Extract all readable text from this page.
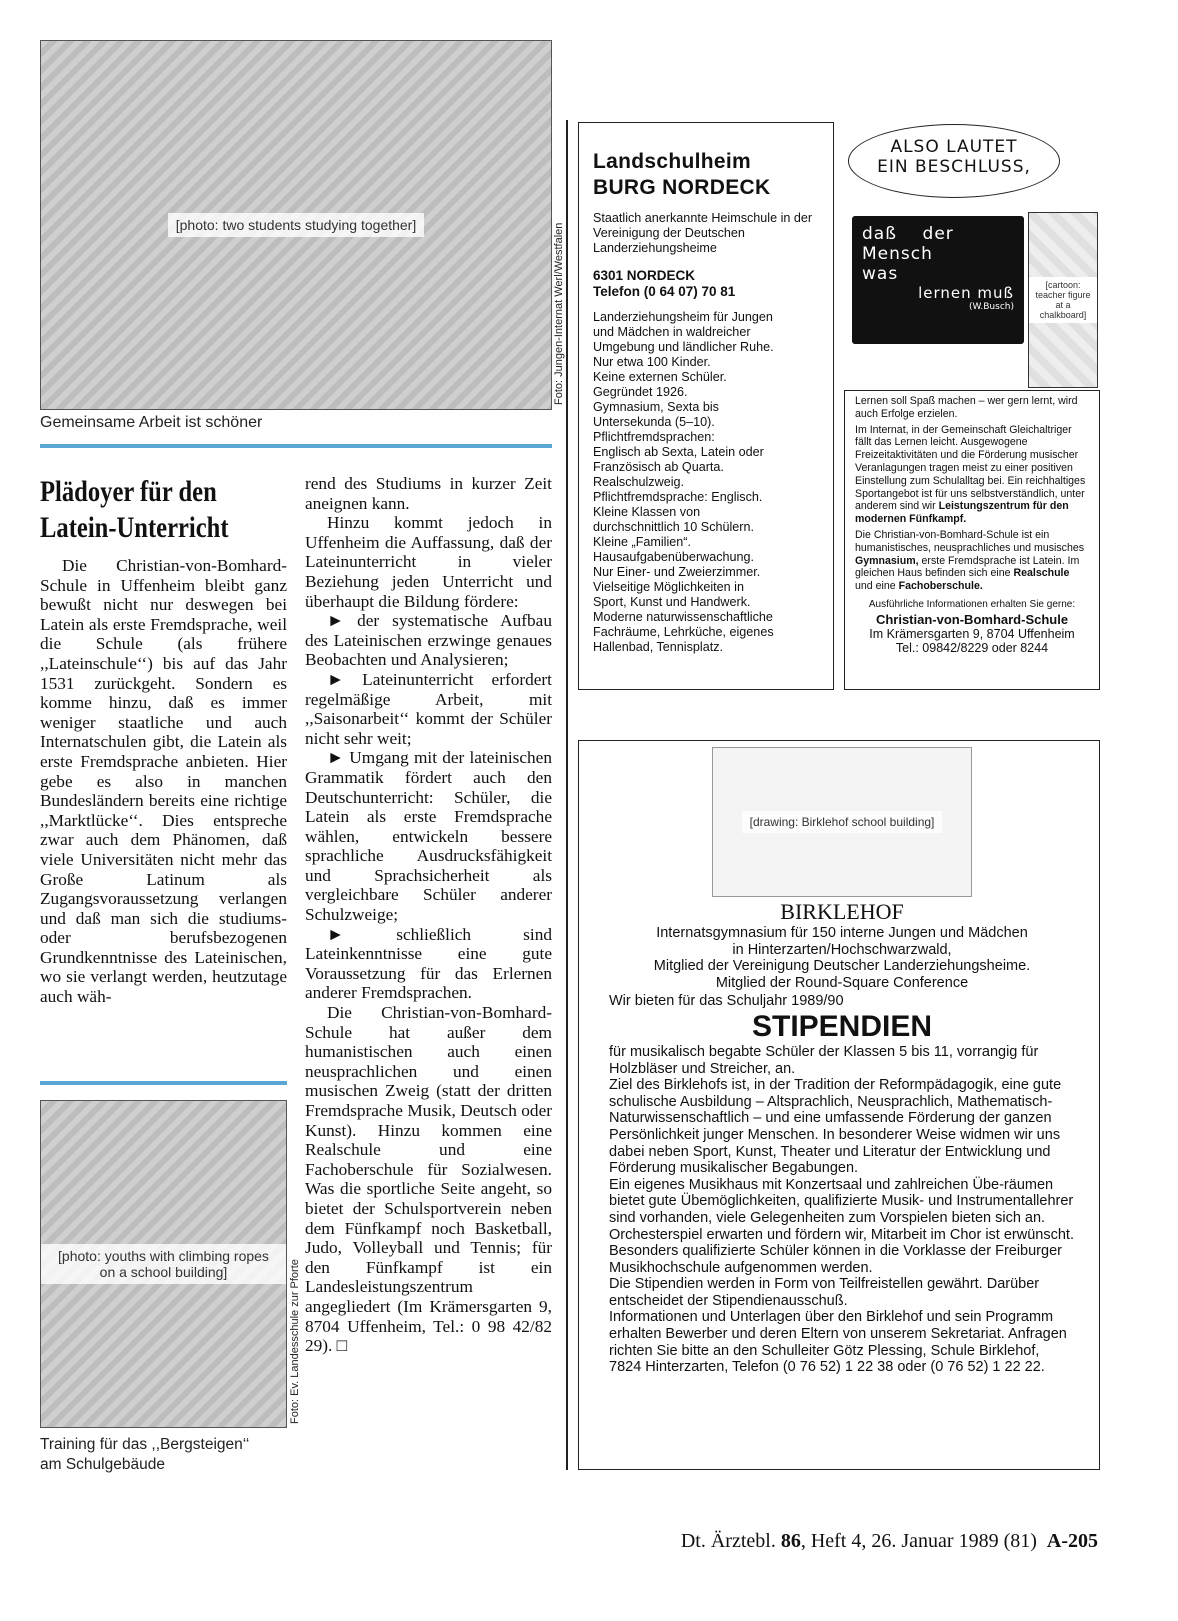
[photo: two students studying together]	Foto: Jungen-Internat Werl/Westfalen
Gemeinsame Arbeit ist schöner
Plädoyer für den
Latein-Unterricht

Die Christian-von-Bomhard-Schule in Uffenheim bleibt ganz bewußt nicht nur deswegen bei Latein als erste Fremdsprache, weil die Schule (als frühere ,,Lateinschule‘‘) bis auf das Jahr 1531 zurückgeht. Sondern es komme hinzu, daß es immer weniger staatliche und auch Internatschulen gibt, die Latein als erste Fremdsprache anbieten. Hier gebe es also in manchen Bundesländern bereits eine richtige ,,Marktlücke‘‘. Dies entspreche zwar auch dem Phänomen, daß viele Universitäten nicht mehr das Große Latinum als Zugangsvoraussetzung verlangen und daß man sich die studiums- oder berufsbezogenen Grundkenntnisse des Lateinischen, wo sie verlangt werden, heutzutage auch wäh-

[photo: youths with climbing ropes on a school building]	Foto: Ev. Landesschule zur Pforte
Training für das ,,Bergsteigen‘‘
am Schulgebäude

rend des Studiums in kurzer Zeit aneignen kann.

Hinzu kommt jedoch in Uffenheim die Auffassung, daß der Lateinunterricht in vieler Beziehung jeden Unterricht und überhaupt die Bildung fördere:

► der systematische Aufbau des Lateinischen erzwinge genaues Beobachten und Analysieren;

► Lateinunterricht erfordert regelmäßige Arbeit, mit ,,Saisonarbeit‘‘ kommt der Schüler nicht sehr weit;

► Umgang mit der lateinischen Grammatik fördert auch den Deutschunterricht: Schüler, die Latein als erste Fremdsprache wählen, entwickeln bessere sprachliche Ausdrucksfähigkeit und Sprachsicherheit als vergleichbare Schüler anderer Schulzweige;

► schließlich sind Lateinkenntnisse eine gute Voraussetzung für das Erlernen anderer Fremdsprachen.

Die Christian-von-Bomhard-Schule hat außer dem humanistischen auch einen neusprachlichen und einen musischen Zweig (statt der dritten Fremdsprache Musik, Deutsch oder Kunst). Hinzu kommen eine Realschule und eine Fachoberschule für Sozialwesen. Was die sportliche Seite angeht, so bietet der Schulsportverein neben dem Fünfkampf noch Basketball, Judo, Volleyball und Tennis; für den Fünfkampf ist ein Landesleistungszentrum angegliedert (Im Krämersgarten 9, 8704 Uffenheim, Tel.: 0 98 42/82 29). □

Landschulheim
BURG NORDECK
Staatlich anerkannte Heimschule in der Vereinigung der Deutschen Landerziehungsheime
6301 NORDECK
Telefon (0 64 07) 70 81
Landerziehungsheim für Jungen
und Mädchen in waldreicher
Umgebung und ländlicher Ruhe.
Nur etwa 100 Kinder.
Keine externen Schüler.
Gegründet 1926.
Gymnasium, Sexta bis
Untersekunda (5–10).
Pflichtfremdsprachen:
Englisch ab Sexta, Latein oder
Französisch ab Quarta.
Realschulzweig.
Pflichtfremdsprache: Englisch.
Kleine Klassen von
durchschnittlich 10 Schülern.
Kleine „Familien“.
Hausaufgabenüberwachung.
Nur Einer- und Zweierzimmer.
Vielseitige Möglichkeiten in
Sport, Kunst und Handwerk.
Moderne naturwissenschaftliche
Fachräume, Lehrküche, eigenes
Hallenbad, Tennisplatz.
ALSO LAUTET
EIN BESCHLUSS,
daß    der
Mensch
was
lernen muß
(W.Busch)
[cartoon: teacher figure at a chalkboard]
Lernen soll Spaß machen – wer gern lernt, wird auch Erfolge erzielen.
Im Internat, in der Gemeinschaft Gleichaltriger fällt das Lernen leicht. Ausgewogene Freizeitaktivitäten und die Förderung musischer Veranlagungen tragen meist zu einer positiven Einstellung zum Schulalltag bei. Ein reichhaltiges Sportangebot ist für uns selbstverständlich, unter anderem sind wir Leistungszentrum für den modernen Fünfkampf.
Die Christian-von-Bomhard-Schule ist ein humanistisches, neusprachliches und musisches Gymnasium, erste Fremdsprache ist Latein. Im gleichen Haus befinden sich eine Realschule und eine Fachoberschule.
Ausführliche Informationen erhalten Sie gerne:
Christian-von-Bomhard-Schule
Im Krämersgarten 9, 8704 Uffenheim
Tel.: 09842/8229 oder 8244
[drawing: Birklehof school building]
BIRKLEHOF
Internatsgymnasium für 150 interne Jungen und Mädchen
in Hinterzarten/Hochschwarzwald,
Mitglied der Vereinigung Deutscher Landerziehungsheime.
Mitglied der Round-Square Conference
Wir bieten für das Schuljahr 1989/90
STIPENDIEN
für musikalisch begabte Schüler der Klassen 5 bis 11, vorrangig für Holzbläser und Streicher, an.
Ziel des Birklehofs ist, in der Tradition der Reformpädagogik, eine gute schulische Ausbildung – Altsprachlich, Neusprachlich, Mathematisch-Naturwissenschaftlich – und eine umfassende Förderung der ganzen Persönlichkeit junger Menschen. In besonderer Weise widmen wir uns dabei neben Sport, Kunst, Theater und Literatur der Entwicklung und Förderung musikalischer Begabungen.
Ein eigenes Musikhaus mit Konzertsaal und zahlreichen Übe-räumen bietet gute Übemöglichkeiten, qualifizierte Musik- und Instrumentallehrer sind vorhanden, viele Gelegenheiten zum Vorspielen bieten sich an. Orchesterspiel erwarten und fördern wir, Mitarbeit im Chor ist erwünscht. Besonders qualifizierte Schüler können in die Vorklasse der Freiburger Musikhochschule aufgenommen werden.
Die Stipendien werden in Form von Teilfreistellen gewährt. Darüber entscheidet der Stipendienausschuß.
Informationen und Unterlagen über den Birklehof und sein Programm erhalten Bewerber und deren Eltern von unserem Sekretariat. Anfragen richten Sie bitte an den Schulleiter Götz Plessing, Schule Birklehof, 7824 Hinterzarten, Telefon (0 76 52) 1 22 38 oder (0 76 52) 1 22 22.
Dt. Ärztebl. 86, Heft 4, 26. Januar 1989 (81) A-205
